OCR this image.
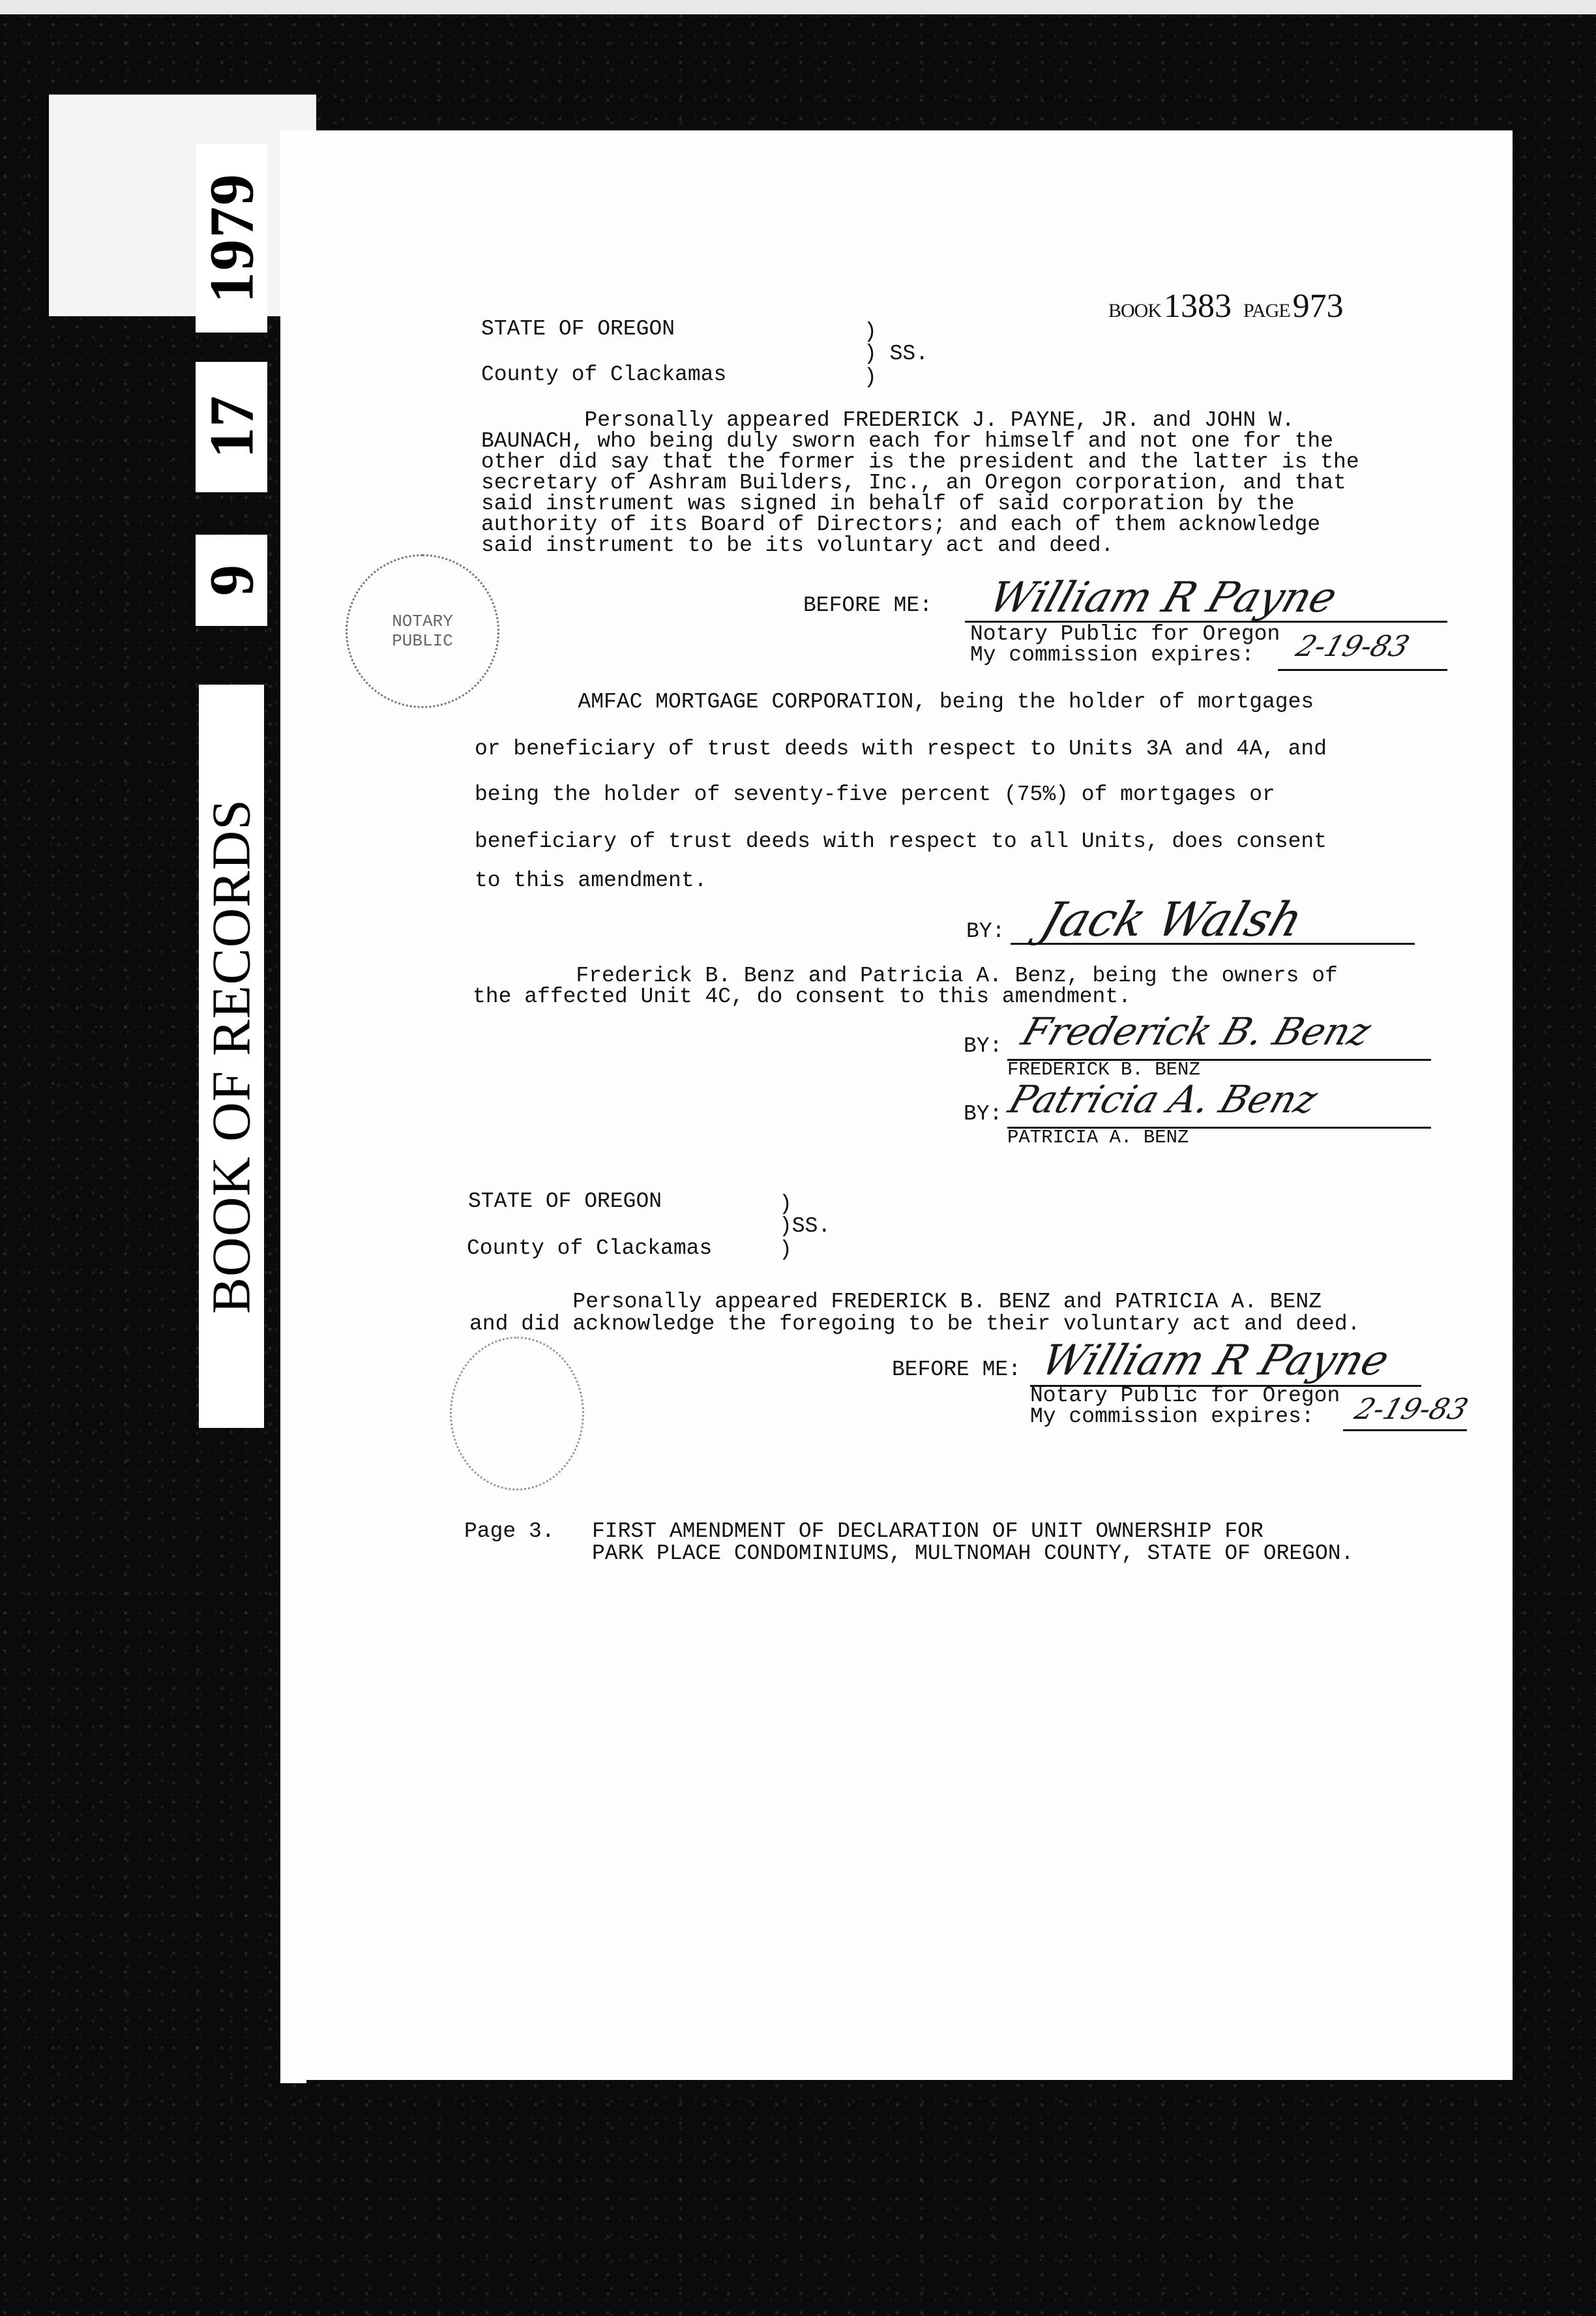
1979
17
9
BOOK OF RECORDS
BOOK1383 PAGE973
STATE OF OREGON	)
) SS.
County of Clackamas	)
Personally appeared FREDERICK J. PAYNE, JR. and JOHN W.
BAUNACH, who being duly sworn each for himself and not one for the
other did say that the former is the president and the latter is the
secretary of Ashram Builders, Inc., an Oregon corporation, and that
said instrument was signed in behalf of said corporation by the
authority of its Board of Directors; and each of them acknowledge
said instrument to be its voluntary act and deed.
BEFORE ME: William R Payne
Notary Public for Oregon
My commission expires: 2-19-83
NOTARY
PUBLIC
AMFAC MORTGAGE CORPORATION, being the holder of mortgages
or beneficiary of trust deeds with respect to Units 3A and 4A, and
being the holder of seventy-five percent (75%) of mortgages or
beneficiary of trust deeds with respect to all Units, does consent
to this amendment.
BY: Jack Walsh
Frederick B. Benz and Patricia A. Benz, being the owners of
the affected Unit 4C, do consent to this amendment.
BY: Frederick B. Benz
FREDERICK B. BENZ
BY: Patricia A. Benz
PATRICIA A. BENZ
STATE OF OREGON	)
)SS.
County of Clackamas	)
Personally appeared FREDERICK B. BENZ and PATRICIA A. BENZ
and did acknowledge the foregoing to be their voluntary act and deed.
BEFORE ME: William R Payne
Notary Public for Oregon
My commission expires: 2-19-83
Page 3. FIRST AMENDMENT OF DECLARATION OF UNIT OWNERSHIP FOR
PARK PLACE CONDOMINIUMS, MULTNOMAH COUNTY, STATE OF OREGON.
